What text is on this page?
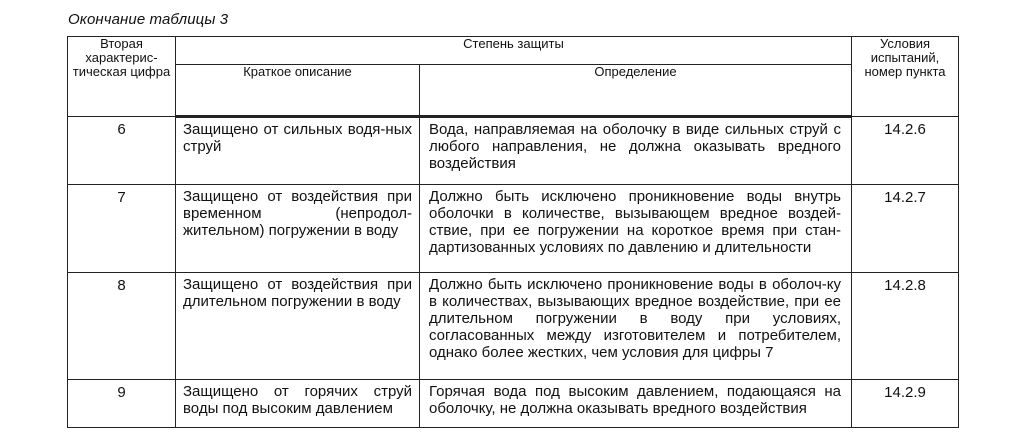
Окончание таблицы 3
Вторая характерис-тическая цифра	Степень защиты		Условия испытаний, номер пункта
	Краткое описание	Определение	
6	Защищено от сильных водя-ных струй	Вода, направляемая на оболочку в виде сильных струй с любого направления, не должна оказывать вредного воздействия	14.2.6
7	Защищено от воздействия при временном (непродол-жительном) погружении в воду	Должно быть исключено проникновение воды внутрь оболочки в количестве, вызывающем вредное воздей-ствие, при ее погружении на короткое время при стан-дартизованных условиях по давлению и длительности	14.2.7
8	Защищено от воздействия при длительном погружении в воду	Должно быть исключено проникновение воды в оболоч-ку в количествах, вызывающих вредное воздействие, при ее длительном погружении в воду при условиях, согласованных между изготовителем и потребителем, однако более жестких, чем условия для цифры 7	14.2.8
9	Защищено от горячих струй воды под высоким давлением	Горячая вода под высоким давлением, подающаяся на оболочку, не должна оказывать вредного воздействия	14.2.9
